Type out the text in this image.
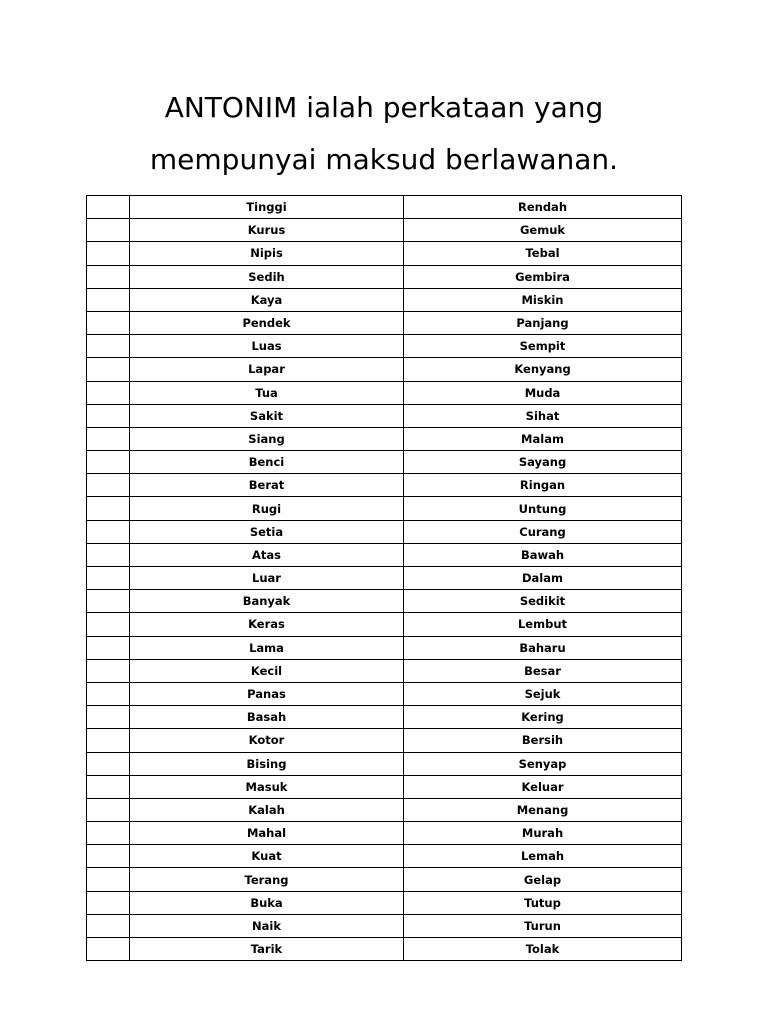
ANTONIM ialah perkataan yang
mempunyai maksud berlawanan.
	Tinggi	Rendah
	Kurus	Gemuk
	Nipis	Tebal
	Sedih	Gembira
	Kaya	Miskin
	Pendek	Panjang
	Luas	Sempit
	Lapar	Kenyang
	Tua	Muda
	Sakit	Sihat
	Siang	Malam
	Benci	Sayang
	Berat	Ringan
	Rugi	Untung
	Setia	Curang
	Atas	Bawah
	Luar	Dalam
	Banyak	Sedikit
	Keras	Lembut
	Lama	Baharu
	Kecil	Besar
	Panas	Sejuk
	Basah	Kering
	Kotor	Bersih
	Bising	Senyap
	Masuk	Keluar
	Kalah	Menang
	Mahal	Murah
	Kuat	Lemah
	Terang	Gelap
	Buka	Tutup
	Naik	Turun
	Tarik	Tolak
